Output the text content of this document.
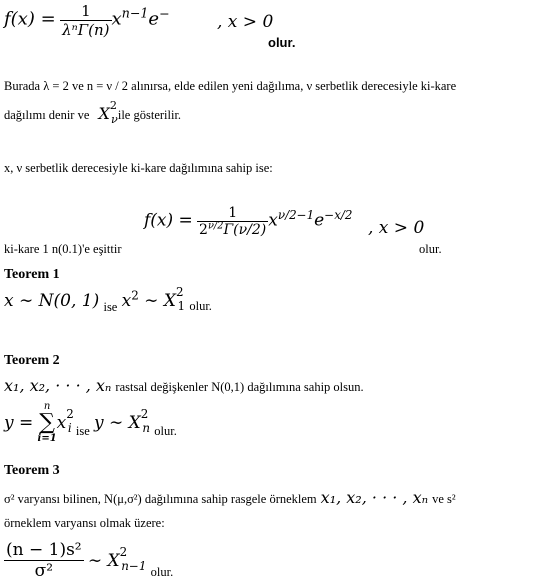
$f(x) = \frac{1}{\text{λⁿΓ(n)}} x^{n-1}e^-$	, x > 0
olur.
Burada λ = 2 ve n = ν / 2 alınırsa, elde edilen yeni dağılıma, ν serbetlik derecesiyle ki-kare
dağılımı denir ve $X^2_\nu ile$ gösterilir.
x, ν serbetlik derecesiyle ki-kare dağılımına sahip ise:
$f(x) = \frac{1}{2^{\nu/2}\Gamma(\nu/2)} x^{\nu/2-1}e^{-x/2}$
, x > 0
ki-kare 1 n(0.1)'e eşittir	olur.
Teorem 1
x ∼ N(0, 1) $_{ise}$ $x^2$ ∼ $X^2_1$ $_{olur.}$
Teorem 2
x₁, x₂, · · · , xₙ rastsal değişkenler N(0,1) dağılımına sahip olsun.
y =
n
∑
i=1
$x^2_i$ $_{ise}$ y ∼ $X^2_n$ $_{olur.}$
Teorem 3
σ² varyansı bilinen, N(μ,σ²) dağılımına sahip rasgele örneklem x₁, x₂, · · · , xₙ ve s²
örneklem varyansı olmak üzere:
$\frac{\text{(n − 1)s²}}{\text{σ²}}$ ∼ $X^2_{n-1}$ $_{olur.}$
